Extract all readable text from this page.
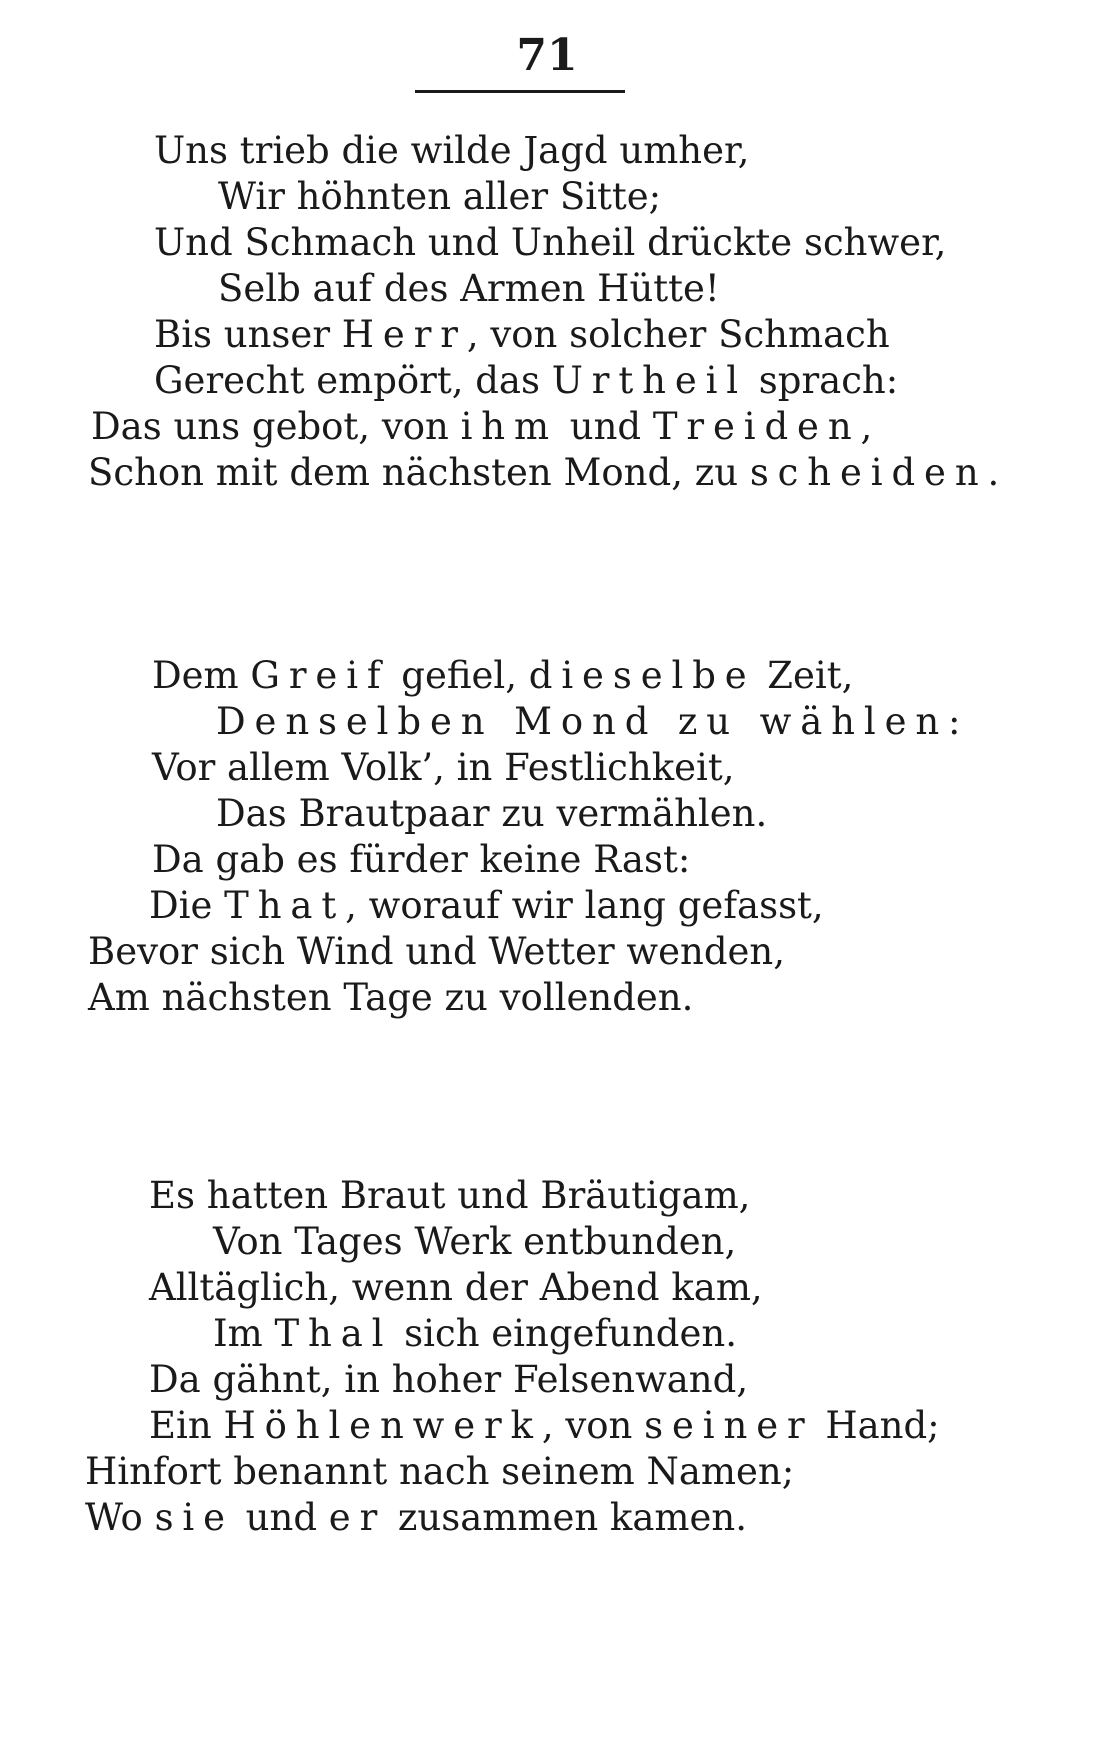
71
Uns trieb die wilde Jagd umher,
Wir höhnten aller Sitte;
Und Schmach und Unheil drückte schwer,
Selb auf des Armen Hütte!
Bis unser Herr, von solcher Schmach
Gerecht empört, das Urtheil sprach:
Das uns gebot, von ihm und Treiden,
Schon mit dem nächsten Mond, zu scheiden.
Dem Greif gefiel, dieselbe Zeit,
Denselben Mond zu wählen:
Vor allem Volk’, in Festlichkeit,
Das Brautpaar zu vermählen.
Da gab es fürder keine Rast:
Die That, worauf wir lang gefasst,
Bevor sich Wind und Wetter wenden,
Am nächsten Tage zu vollenden.
Es hatten Braut und Bräutigam,
Von Tages Werk entbunden,
Alltäglich, wenn der Abend kam,
Im Thal sich eingefunden.
Da gähnt, in hoher Felsenwand,
Ein Höhlenwerk, von seiner Hand;
Hinfort benannt nach seinem Namen;
Wo sie und er zusammen kamen.
